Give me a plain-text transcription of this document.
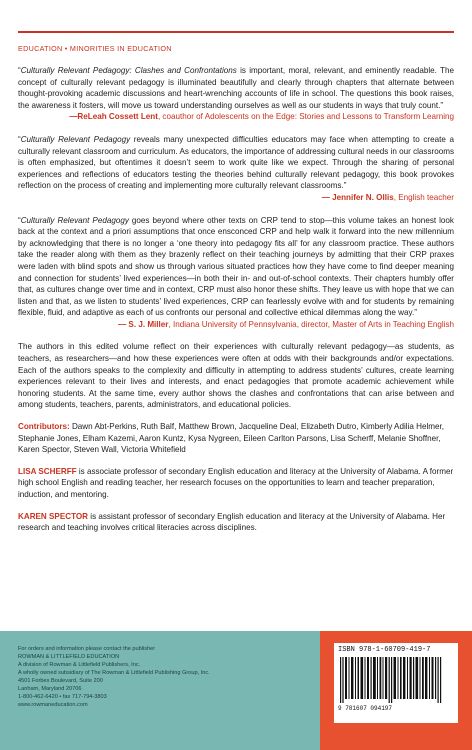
EDUCATION • MINORITIES IN EDUCATION

“Culturally Relevant Pedagogy: Clashes and Confrontations is important, moral, relevant, and eminently readable. The concept of culturally relevant pedagogy is illuminated beautifully and clearly through chapters that alternate between thought-provoking academic discussions and heart-wrenching accounts of life in school. The questions this book raises, the awareness it fosters, will move us toward understanding ourselves as well as our students in ways that truly count.”

—ReLeah Cossett Lent, coauthor of Adolescents on the Edge: Stories and Lessons to Transform Learning

“Culturally Relevant Pedagogy reveals many unexpected difficulties educators may face when attempting to create a culturally relevant classroom and curriculum. As educators, the importance of addressing cultural needs in our classrooms is often emphasized, but oftentimes it doesn’t seem to work quite like we expect. Through the sharing of personal experiences and reflections of educators testing the theories behind culturally relevant pedagogy, this book provokes reflection on the process of creating and implementing more culturally relevant classrooms.”

— Jennifer N. Ollis, English teacher

“Culturally Relevant Pedagogy goes beyond where other texts on CRP tend to stop—this volume takes an honest look back at the context and a priori assumptions that once ensconced CRP and help walk it forward into the new millennium by acknowledging that there is no longer a ‘one theory into pedagogy fits all’ for any classroom practice. These authors take the reader along with them as they brazenly reflect on their teaching journeys by admitting that their CRP praxes were laden with blind spots and show us through various situated practices how they have come to find deeper meaning and connection for students’ lived experiences—in both their in- and out-of-school contexts. Their chapters humbly offer that, as cultures change over time and in context, CRP must also honor these shifts. They leave us with hope that we can listen and that, as we listen to students’ lived experiences, CRP can fearlessly evolve with and for students by remaining flexible, fluid, and adaptive as each of us confronts our personal and collective ethical dilemmas along the way.”

— S. J. Miller, Indiana University of Pennsylvania, director, Master of Arts in Teaching English
The authors in this edited volume reflect on their experiences with culturally relevant pedagogy—as students, as teachers, as researchers—and how these experiences were often at odds with their backgrounds and/or expectations. Each of the authors speaks to the complexity and difficulty in attempting to address students’ cultures, create learning experiences relevant to their lives and interests, and enact pedagogies that promote academic achievement while honoring students. At the same time, every author shows the clashes and confrontations that can arise between and among students, teachers, parents, administrators, and educational policies.
Contributors: Dawn Abt-Perkins, Ruth Balf, Matthew Brown, Jacqueline Deal, Elizabeth Dutro, Kimberly Adilia Helmer, Stephanie Jones, Elham Kazemi, Aaron Kuntz, Kysa Nygreen, Eileen Carlton Parsons, Lisa Scherff, Melanie Shoffner, Karen Spector, Steven Wall, Victoria Whitefield
LISA SCHERFF is associate professor of secondary English education and literacy at the University of Alabama. A former high school English and reading teacher, her research focuses on the opportunities to learn and teacher preparation, induction, and mentoring.
KAREN SPECTOR is assistant professor of secondary English education and literacy at the University of Alabama. Her research and teaching involves critical literacies across disciplines.
For orders and information please contact the publisher
ROWMAN & LITTLEFIELD EDUCATION
A division of Rowman & Littlefield Publishers, Inc.
A wholly owned subsidiary of The Rowman & Littlefield Publishing Group, Inc.
4501 Forbes Boulevard, Suite 200
Lanham, Maryland 20706
1-800-462-6420 • fax 717-794-3803
www.rowmaneducation.com
ISBN 978-1-60709-419-7
9 781607 094197
